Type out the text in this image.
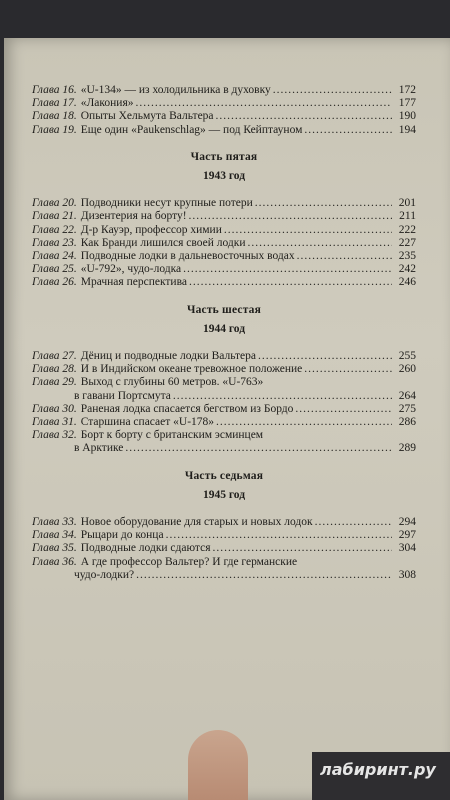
Глава 16. «U-134» — из холодильника в духовку .....	172
Глава 17. «Лакония» .....	177
Глава 18. Опыты Хельмута Вальтера .....	190
Глава 19. Еще один «Paukenschlag» — под Кейптауном .....	194
Часть пятая
1943 год
Глава 20. Подводники несут крупные потери .....	201
Глава 21. Дизентерия на борту! .....	211
Глава 22. Д-р Кауэр, профессор химии .....	222
Глава 23. Как Бранди лишился своей лодки .....	227
Глава 24. Подводные лодки в дальневосточных водах .....	235
Глава 25. «U-792», чудо-лодка .....	242
Глава 26. Мрачная перспектива .....	246
Часть шестая
1944 год
Глава 27. Дёниц и подводные лодки Вальтера .....	255
Глава 28. И в Индийском океане тревожное положение .....	260
Глава 29. Выход с глубины 60 метров. «U-763»
в гавани Портсмута .....	264
Глава 30. Раненая лодка спасается бегством из Бордо .....	275
Глава 31. Старшина спасает «U-178» .....	286
Глава 32. Борт к борту с британским эсминцем
в Арктике .....	289
Часть седьмая
1945 год
Глава 33. Новое оборудование для старых и новых лодок .....	294
Глава 34. Рыцари до конца .....	297
Глава 35. Подводные лодки сдаются .....	304
Глава 36. А где профессор Вальтер? И где германские
чудо-лодки? .....	308
лабиринт.ру
